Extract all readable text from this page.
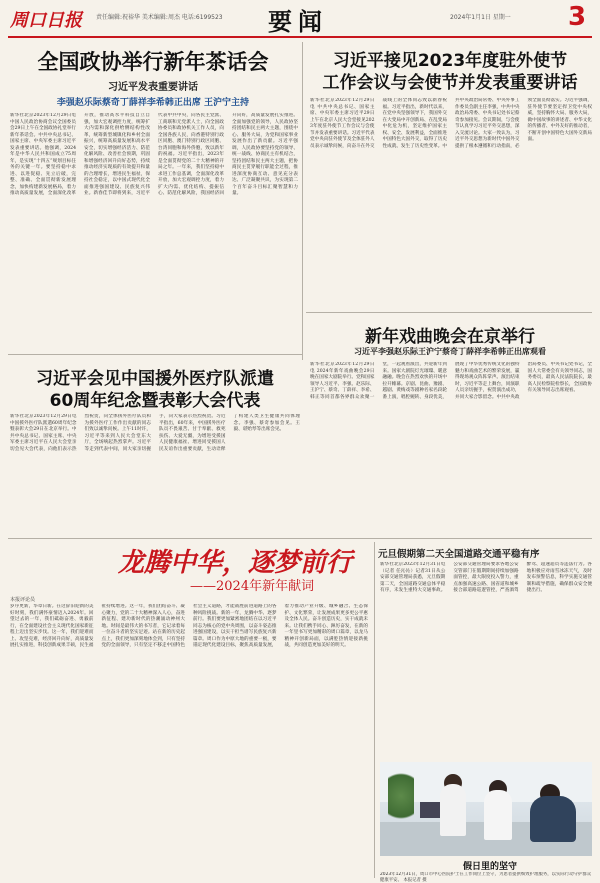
周口日报	责任编辑:祝裕华 美术编辑:周杰 电话:6199523	要闻	2024年1月1日 星期一	3
全国政协举行新年茶话会
习近平发表重要讲话
李强赵乐际蔡奇丁薛祥李希韩正出席 王沪宁主持
新华社北京2023年12月29日电 中国人民政治协商会议全国委员会29日上午在全国政协礼堂举行新年茶话会。中共中央总书记、国家主席、中央军委主席习近平发表重要讲话。他强调，2024年是中华人民共和国成立75周年，是实现“十四五”规划目标任务的关键一年。要坚持稳中求进、以进促稳、先立后破，完整、准确、全面贯彻新发展理念，加快构建新发展格局，着力推动高质量发展，全面深化改革开放，推动高水平科技自立自强，加大宏观调控力度，统筹扩大内需和深化供给侧结构性改革，统筹新型城镇化和乡村全面振兴，统筹高质量发展和高水平安全，切实增强经济活力、防范化解风险、改善社会预期，巩固和增强经济回升向好态势，持续推动经济实现质的有效提升和量的合理增长，增进民生福祉，保持社会稳定，以中国式现代化全面推进强国建设、民族复兴伟业。新春佳节即将到来，习近平代表中共中央，向各民主党派、工商联和无党派人士，向全国政协委员和政协机关工作人员，向全国各族人民，向香港特别行政区同胞、澳门特别行政区同胞、台湾同胞和海外侨胞，致以新年的祝福。习近平指出，2023年是全面贯彻党的二十大精神的开局之年。一年来，我们坚持稳中求进工作总基调，全面深化改革开放，加大宏观调控力度，着力扩大内需、优化结构、提振信心、防范化解风险，我国经济回升向好，高质量发展扎实推进。全面加强党的领导，人民政协坚持团结和民主两大主题，围绕中心、服务大局，为党和国家事业发展作出了新贡献。习近平强调，人民政协要坚持党的领导、统一战线、协商民主有机结合，坚持团结和民主两大主题，把协商民主贯穿履行职能全过程，推进深度协商互动、意见充分表达、广泛凝聚共识，为实现第二个百年奋斗目标汇聚智慧和力量。
习近平接见2023年度驻外使节
工作会议与会使节并发表重要讲话
新华社北京2023年12月29日电 中共中央总书记、国家主席、中央军委主席习近平29日上午在北京人民大会堂接见2023年度驻外使节工作会议与会使节并发表重要讲话。习近平代表党中央向驻外使节及全体驻外人员表示诚挚问候，向奋斗在外交战线上的全体同志致以新春祝福。习近平指出，新时代以来，在党中央坚强领导下，我国外交在大变局中开创新局、在乱变局中化危为机，坚定维护国家主权、安全、发展利益，全面推进中国特色大国外交，取得了历史性成就、发生了历史性变革。中共中央政治局常委、中央外事工作委员会副主任李强，中共中央政治局常委、中央书记处书记蔡奇参加接见。会议期间，与会使节认真学习习近平外交思想，深入交流讨论。大家一致认为，习近平外交思想为新时代中国外交提供了根本遵循和行动指南，必须全面贯彻落实。习近平强调，驻外使节要坚定捍卫党中央权威，坚持胸怀大局、服务大局，做中国故事的讲述者、中华文化的传播者、中外友好的推动者，不断开创中国特色大国外交新局面。
习近平会见中国援外医疗队派遣
60周年纪念暨表彰大会代表
新华社北京2023年12月29日电 中国援外医疗队派遣60周年纪念暨表彰大会29日在北京举行。中共中央总书记、国家主席、中央军委主席习近平在人民大会堂亲切会见大会代表，向他们表示热烈祝贺，向全体援外医疗队员和为援外医疗工作作出贡献的同志们致以诚挚问候。上午11时许，习近平等来到人民大会堂东大厅，全场响起热烈掌声。习近平等走到代表中间，同大家亲切握手，向大家表示热烈祝贺。习近平指出，60年来，中国援外医疗队员不畏艰苦、甘于奉献、救死扶伤、大爱无疆，为增进受援国人民健康福祉、增进同受援国人民友谊作出重要贡献，生动诠释了构建人类卫生健康共同体理念。李强、蔡奇参加会见。王毅、谌贻琴等出席会见。
新年戏曲晚会在京举行
习近平李强赵乐际王沪宁蔡奇丁薛祥李希韩正出席观看
新华社北京2023年12月29日电 2024年新年戏曲晚会29日晚在国家大剧院举行。党和国家领导人习近平、李强、赵乐际、王沪宁、蔡奇、丁薛祥、李希、韩正等同首都各界群众欢聚一堂，一起观看演出，共迎新年到来。国家大剧院灯光璀璨、暖意融融。晚会在热烈欢快的开场中拉开帷幕。京剧、昆曲、豫剧、越剧、黄梅戏等剧种名家名段轮番上演，唱腔婉转、身段优美，展现了中华优秀传统文化的独特魅力和戏曲艺术的繁荣发展，赢得现场观众阵阵掌声。演出结束时，习近平等走上舞台，同演职人员亲切握手，祝贺演出成功，并同大家合影留念。中共中央政治局委员、中央书记处书记，全国人大常委会有关领导同志，国务委员，最高人民法院院长，最高人民检察院检察长，全国政协有关领导同志出席观看。
龙腾中华，逐梦前行
——2024年新年献词
本报评论员
岁序更新，华章日新。在这辞旧迎新的美好时刻，我们满怀豪情迈入2024年。回望过去的一年，我们砥砺奋进、勇毅前行，在全面建设社会主义现代化国家新征程上迈出坚实步伐。这一年，我们迎难而上、攻坚克难，经济回升向好，高质量发展扎实推进，科技创新成果丰硕，民生福祉持续增进。这一年，我们团结奋斗、凝心聚力，党的二十大精神深入人心，奋进新征程、建功新时代的热潮涌动神州大地。时间是最伟大的书写者，它记录着每一位奋斗者的坚实足迹。站在新的历史起点上，我们更加深刻地体会到，只有坚持党的全面领导，只有坚定不移走中国特色社会主义道路，才能战胜前进道路上的各种风险挑战。新的一年，龙腾中华、逐梦前行。我们要更加紧密地团结在以习近平同志为核心的党中央周围，以奋斗姿态推进强国建设，以实干担当谱写民族复兴新篇章。周口作为中原大地的重要一极，要锚定现代化建设目标，聚焦高质量发展，着力推动产业升级、城乡融合、生态保护、文化繁荣，让发展成果更多更公平惠及全体人民。奋斗创造历史，实干成就未来。让我们携手同心、踔厉奋发，在新的一年里书写更加精彩的周口篇章，以龙马精神开创新局面，以满腔热情迎接新挑战，共同创造更加美好的明天。
元旦假期第二天全国道路交通平稳有序
新华社北京2023年12月31日电（记者 任沁沁）记者31日从公安部交通管理局获悉，元旦假期第二天，全国道路交通总体平稳有序，未发生重特大交通事故。公安部交通管理局要求各地公安交管部门在假期期间持续加强路面管控，最大限度投入警力，重点加强高速公路、国省道和城乡接合部道路巡逻管控，严查酒驾醉驾、超速超员等违法行为。各地积极应对雨雪冰冻天气，及时发布预警信息，科学实施交通管制和疏导措施，确保群众安全便捷出行。
假日里的坚守
2023年12月31日，周口市中心医院护士在工作岗位上坚守，为患者提供细致护理服务，以实际行动守护群众健康平安。 本报记者 摄
